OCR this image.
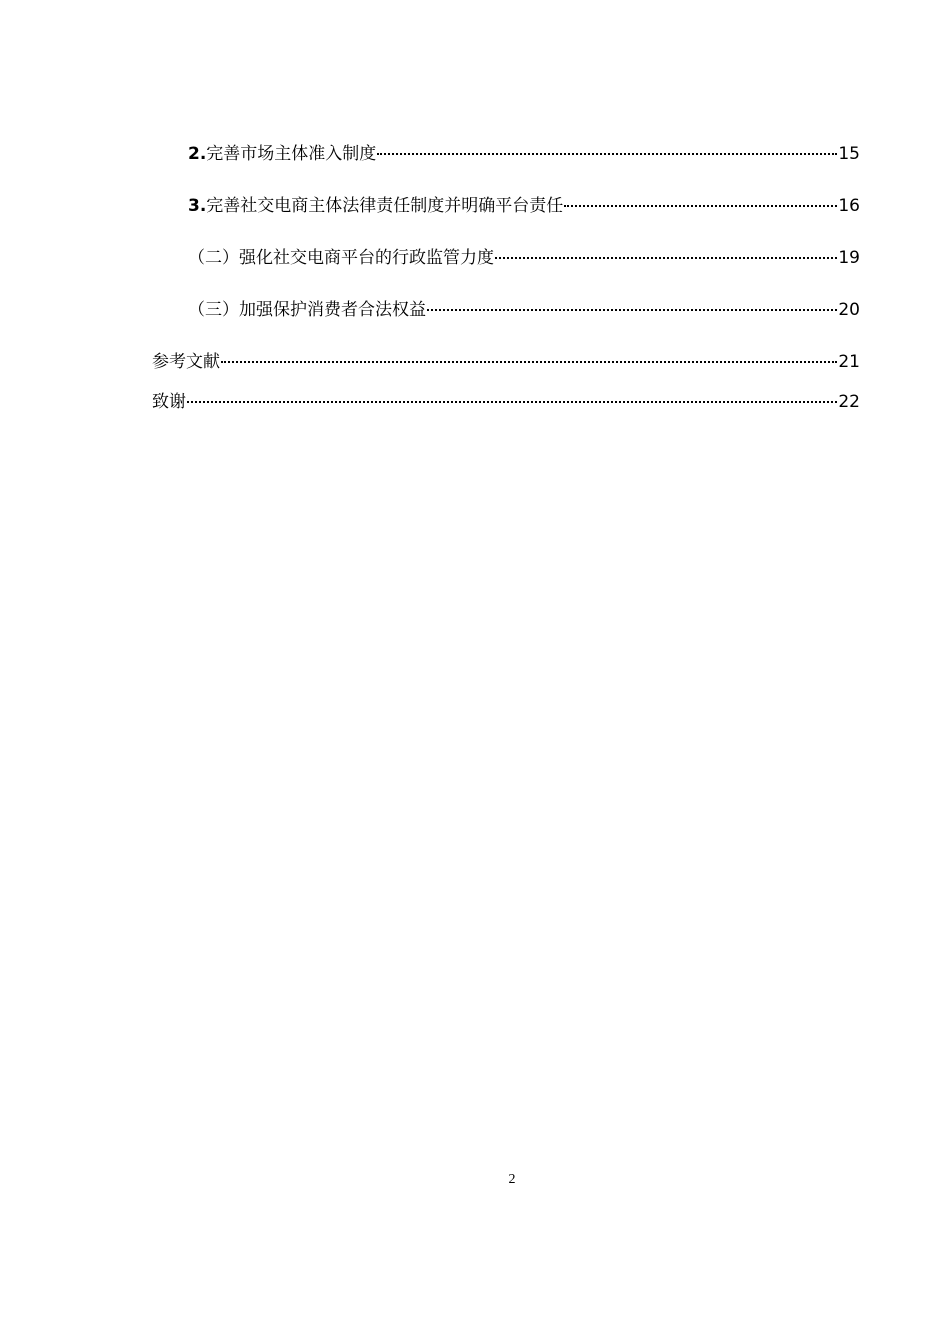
2.完善市场主体准入制度	15
3.完善社交电商主体法律责任制度并明确平台责任	16
（二）强化社交电商平台的行政监管力度	19
（三）加强保护消费者合法权益	20
参考文献	21
致谢	22
2
